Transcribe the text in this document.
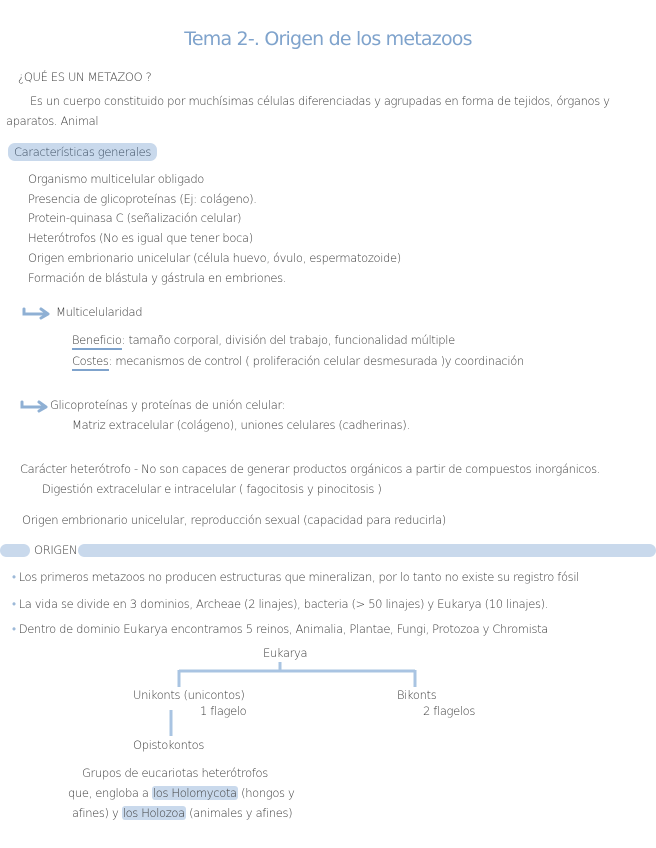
Tema 2-. Origen de los metazoos
¿QUÉ ES UN METAZOO ?
Es un cuerpo constituido por muchísimas células diferenciadas y agrupadas en forma de tejidos, órganos y
aparatos. Animal
Características generales
Organismo multicelular obligado
Presencia de glicoproteínas (Ej: colágeno).
Protein-quinasa C (señalización celular)
Heterótrofos (No es igual que tener boca)
Origen embrionario unicelular (célula huevo, óvulo, espermatozoide)
Formación de blástula y gástrula en embriones.
Multicelularidad
Beneficio: tamaño corporal, división del trabajo, funcionalidad múltiple
Costes: mecanismos de control ( proliferación celular desmesurada )y coordinación
Glicoproteínas y proteínas de unión celular:
Matriz extracelular (colágeno), uniones celulares (cadherinas).
Carácter heterótrofo - No son capaces de generar productos orgánicos a partir de compuestos inorgánicos.
Digestión extracelular e intracelular ( fagocitosis y pinocitosis )
Origen embrionario unicelular, reproducción sexual (capacidad para reducirla)
ORIGEN
• Los primeros metazoos no producen estructuras que mineralizan, por lo tanto no existe su registro fósil
• La vida se divide en 3 dominios, Archeae (2 linajes), bacteria (> 50 linajes) y Eukarya (10 linajes).
• Dentro de dominio Eukarya encontramos 5 reinos, Animalia, Plantae, Fungi, Protozoa y Chromista
Eukarya
Unikonts (unicontos)
1 flagelo
Bikonts
2 flagelos
Opistokontos
Grupos de eucariotas heterótrofos
que, engloba a los Holomycota (hongos y
afines) y los Holozoa (animales y afines)
